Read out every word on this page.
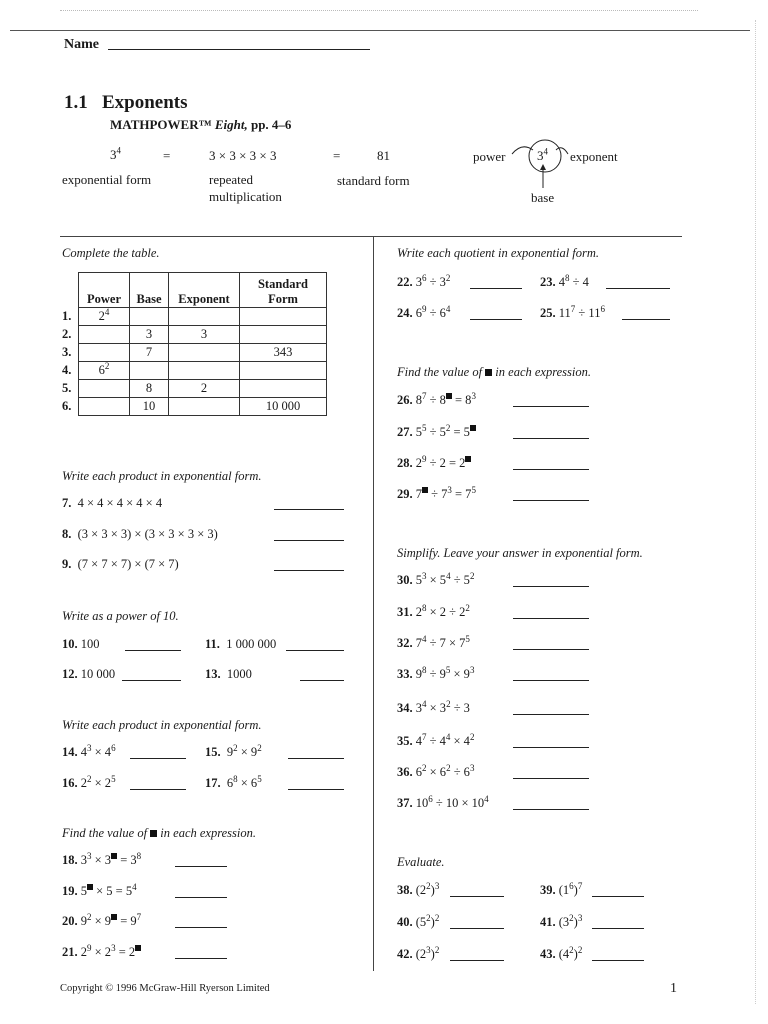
Name
1.1 Exponents
MATHPOWER™ Eight, pp. 4–6
$3^4$	=	3 × 3 × 3 × 3	=	81
exponential form	repeated
multiplication
standard form
power $3^4$ exponent
base
Complete the table.
	Power	Base	Exponent	Standard
Form
1.	$2^4$			
2.		3	3	
3.		7		343
4.	$6^2$			
5.		8	2	
6.		10		10 000
Write each product in exponential form.
7. 4 × 4 × 4 × 4 × 4
8. (3 × 3 × 3) × (3 × 3 × 3 × 3)
9. (7 × 7 × 7) × (7 × 7)
Write as a power of 10.
10. 100	11. 1 000 000
12. 10 000	13. 1000
Write each product in exponential form.
14. $4^3 \times 4^6$	15.  $9^2 \times 9^2$
16. $2^2 \times 2^5$	17.  $6^8 \times 6^5$
Find the value of in each expression.
18. $3^3 \times 3 = 3^8$
19. $5 \times 5 = 5^4$
20. $9^2 \times 9 = 9^7$
21. $2^9 \times 2^3 = 2$
Write each quotient in exponential form.
22. $3^6 \div 3^2$	23. $4^8 \div 4$
24. $6^9 \div 6^4$	25. $11^7 \div 11^6$
Find the value of in each expression.
26. $8^7 \div 8 = 8^3$
27. $5^5 \div 5^2 = 5$
28. $2^9 \div 2 = 2$
29. $7 \div 7^3 = 7^5$
Simplify. Leave your answer in exponential form.
30. $5^3 \times 5^4 \div 5^2$
31. $2^8 \times 2 \div 2^2$
32. $7^4 \div 7 \times 7^5$
33. $9^8 \div 9^5 \times 9^3$
34. $3^4 \times 3^2 \div 3$
35. $4^7 \div 4^4 \times 4^2$
36. $6^2 \times 6^2 \div 6^3$
37. $10^6 \div 10 \times 10^4$
Evaluate.
38. $(2^2)^3$	39. $(1^6)^7$
40. $(5^2)^2$	41. $(3^2)^3$
42. $(2^3)^2$	43. $(4^2)^2$
Copyright © 1996 McGraw-Hill Ryerson Limited	1
